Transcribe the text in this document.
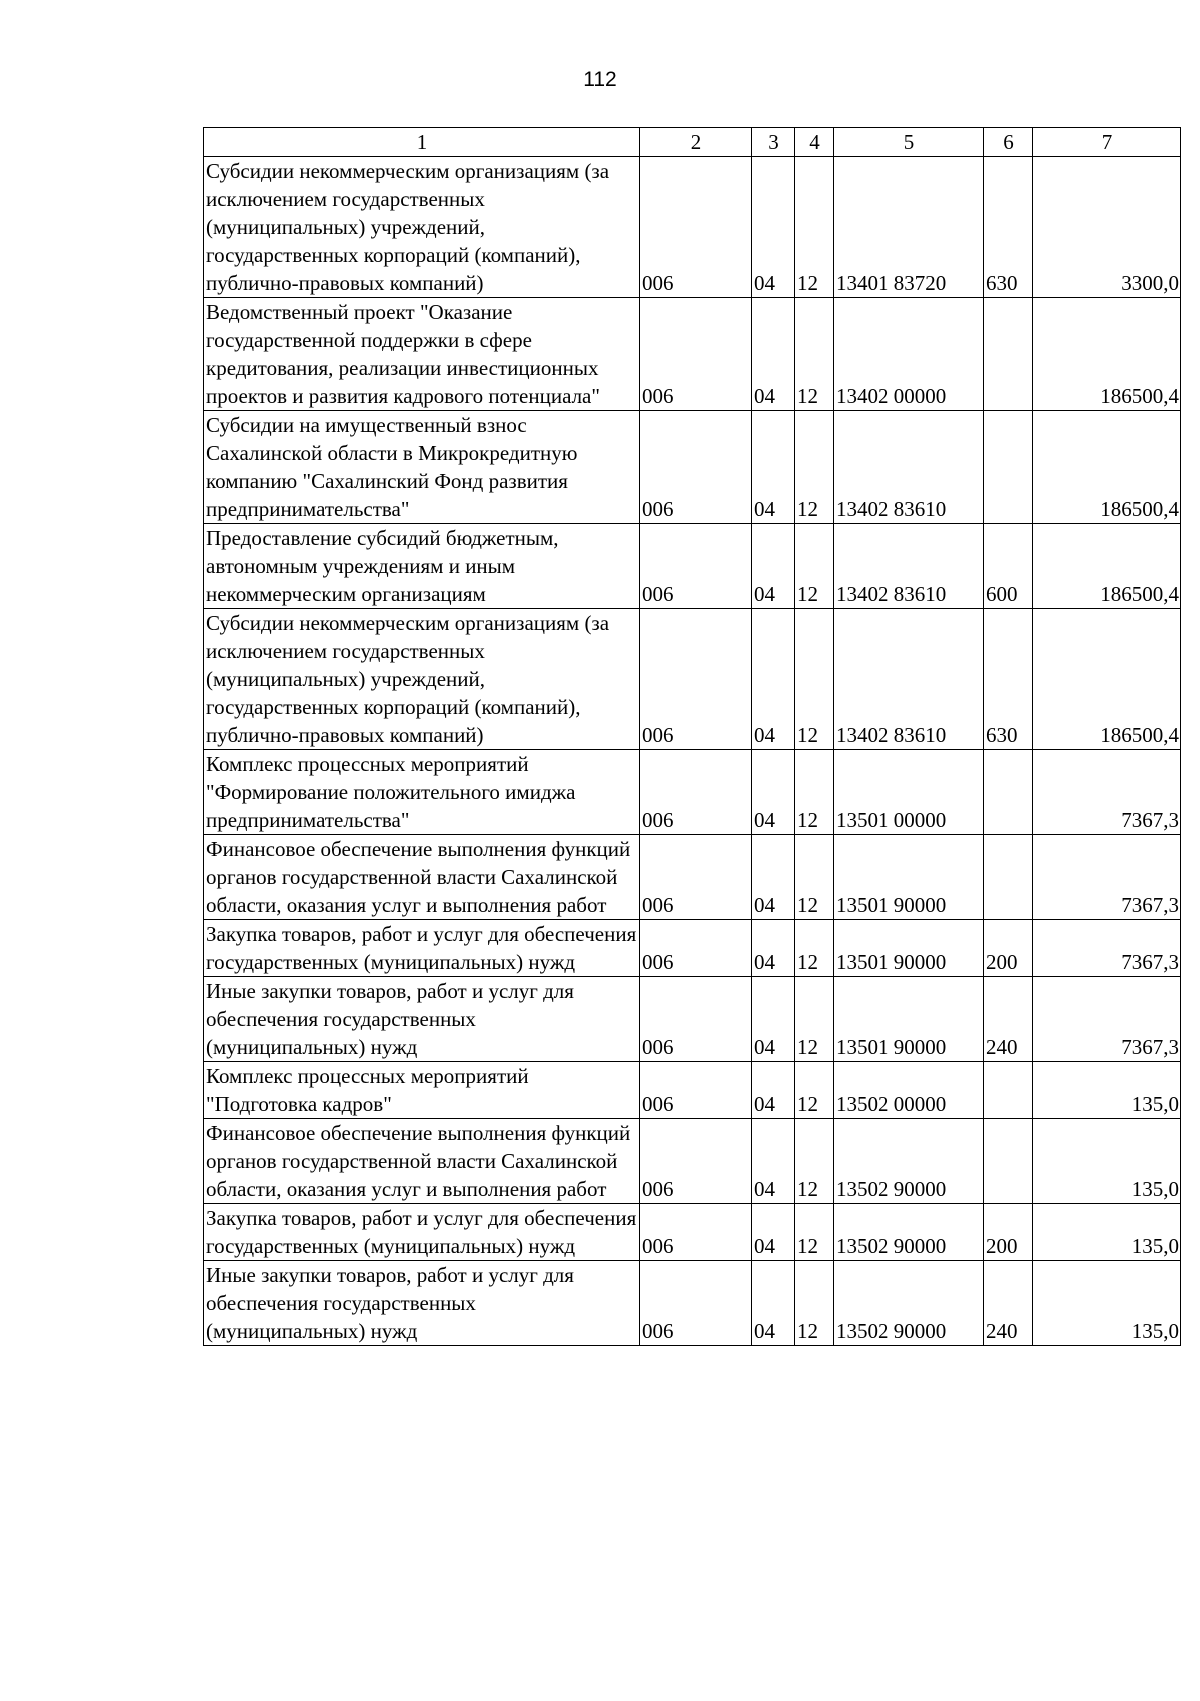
112
1	2	3	4	5	6	7
Субсидии некоммерческим организациям (за исключением государственных (муниципальных) учреждений, государственных корпораций (компаний), публично-правовых компаний)	006	04	12	13401 83720	630	3300,0
Ведомственный проект "Оказание государственной поддержки в сфере кредитования, реализации инвестиционных проектов и развития кадрового потенциала"	006	04	12	13402 00000		186500,4
Субсидии на имущественный взнос Сахалинской области в Микрокредитную компанию "Сахалинский Фонд развития предпринимательства"	006	04	12	13402 83610		186500,4
Предоставление субсидий бюджетным, автономным учреждениям и иным некоммерческим организациям	006	04	12	13402 83610	600	186500,4
Субсидии некоммерческим организациям (за исключением государственных (муниципальных) учреждений, государственных корпораций (компаний), публично-правовых компаний)	006	04	12	13402 83610	630	186500,4
Комплекс процессных мероприятий "Формирование положительного имиджа предпринимательства"	006	04	12	13501 00000		7367,3
Финансовое обеспечение выполнения функций органов государственной власти Сахалинской области, оказания услуг и выполнения работ	006	04	12	13501 90000		7367,3
Закупка товаров, работ и услуг для обеспечения государственных (муниципальных) нужд	006	04	12	13501 90000	200	7367,3
Иные закупки товаров, работ и услуг для обеспечения государственных (муниципальных) нужд	006	04	12	13501 90000	240	7367,3
Комплекс процессных мероприятий "Подготовка кадров"	006	04	12	13502 00000		135,0
Финансовое обеспечение выполнения функций органов государственной власти Сахалинской области, оказания услуг и выполнения работ	006	04	12	13502 90000		135,0
Закупка товаров, работ и услуг для обеспечения государственных (муниципальных) нужд	006	04	12	13502 90000	200	135,0
Иные закупки товаров, работ и услуг для обеспечения государственных (муниципальных) нужд	006	04	12	13502 90000	240	135,0
